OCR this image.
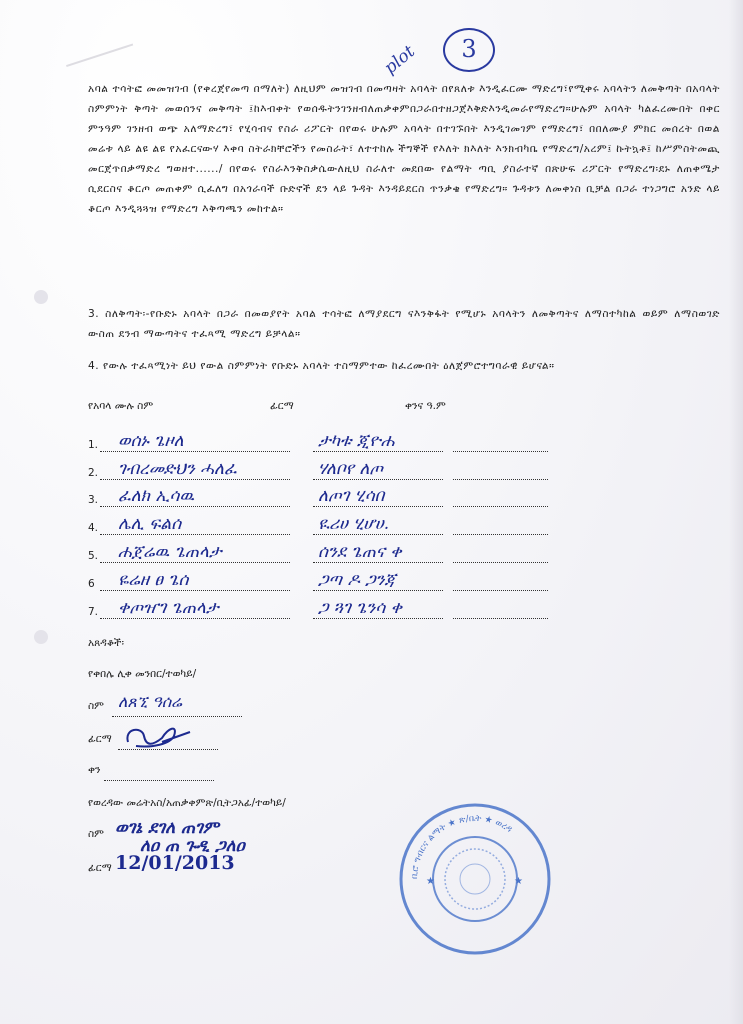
plot	3
አባል ተሳትፎ መመዝገብ (የቀረጀየመጣ በማለት) ለዚህም መዝገብ በመጣዛት አባላት በየጸለቱ እንዲፈርሙ ማድረግ፣የሚቀሩ አባላትን ለመቅጣት በአባላት ስምምነት ቅጣት መወሰንና መቅጣት ፤ከእብቀት የወሰዱትንገንዘብለጠቃቀምበጋራበተዘጋጀእቅድእንዲመራየማድረግ።ሁሉም አባላት ካልፈረሙበት በቀር ምንዓም ገንዘብ ወጭ አለማድረግ፣ የሂሳብና የስራ ሪፖርት በየወሩ ሁሉም አባላት በተገኙበት እንዲገመገም የማድረግ፣ በበለሙያ ምክር መሰረት በወል መሬቱ ላይ ልዩ ልዩ የአፈርናውሃ እቀባ ስትራክቸሮችን የመስራት፣ ለተተከሉ ችግኞች የእለት ክእለት እንክብካቤ የማድረግ/አረም፤ ኩትኳቶ፤ ከሥምስትመጪ መርጀጥበቃማድረ ግወዘተ....../ በየወሩ የስራእንቅስቃሴውለዚህ ስራለተ መደበው የልማት ጣቢ ያስራተኛ በጽሁፍ ሪፖርት የማድረግ፡ደኑ ለጠቀሜታ ሲደርስና ቆርጦ መጠቀም ሲፈለግ በአጎራባች ቡድኖች ደን ላይ ጉዳት እንዳይደርስ ጥንቃቄ የማድረግ። ጉዳቱን ለመቀነስ ቢቻል በጋራ ተነጋግሮ አንድ ላይ ቆርጦ እንዲጓጓዝ የማድረግ እቅጣጫን መከተል።
3. ስለቅጣት፡-የቡድኑ አባላት በጋራ በመወያየት አባል ተሳትፎ ለማያደርግ ናእንቅፋት የሚሆኑ አባላትን ለመቅጣትና ለማስተካከል ወይም ለማስወገድ ውስጠ ደንብ ማውጣትና ተፈጻሚ ማድረግ ይቻላል።
4. የውሉ ተፈጻሚነት ይህ የውል ስምምነት የቡድኑ አባላት ተስማምተው ከፈረሙበት ዕለጀምሮተግባራዊ ይሆናል።
የአባላ ሙሉ ስም	ፊርማ	ቀንና ዓ.ም
1. ወሰኑ ጌዞለ	ታካቱ ጂዮሐ
2. ገብረመድህን ሓለፈ	ሃለቦየ ለጦ
3. ፈለክ ኢሳዉ	ለጦገ ሂሳበ
4. ሌሊ ፍልሰ	ዪሪሀ ሂሆሀ.
5. ሐጀሬዉ ጌጠላታ	ሰንደ ጌጠና ቀ
6 ዬሬዘ ፀ ጌሰ	ጋጣ ዶ ጋንጃ
7. ቀጦዠገ ጌጠላታ	ጋ ጓገ ጌንሳ ቀ
አጸዳቆች፡
የቀበሌ ሊቀ መንበር/ተወካይ/
ስም ለጸኚ ዓሰሬ
ፊርማ
ቀን
የወረዳው መሬትአስ/አጠቃቀምጽ/ቢትጋአፊ/ተወካይ/
ስም ወገኔ ደገለ ጠገም
ለዐ ጠ ጉዲ ጋለዐ
ፊርማ 12/01/2013
ቢሮ ግብርና ልማት ★ ጽ/ቤት ★ ወረዳ
★	★
